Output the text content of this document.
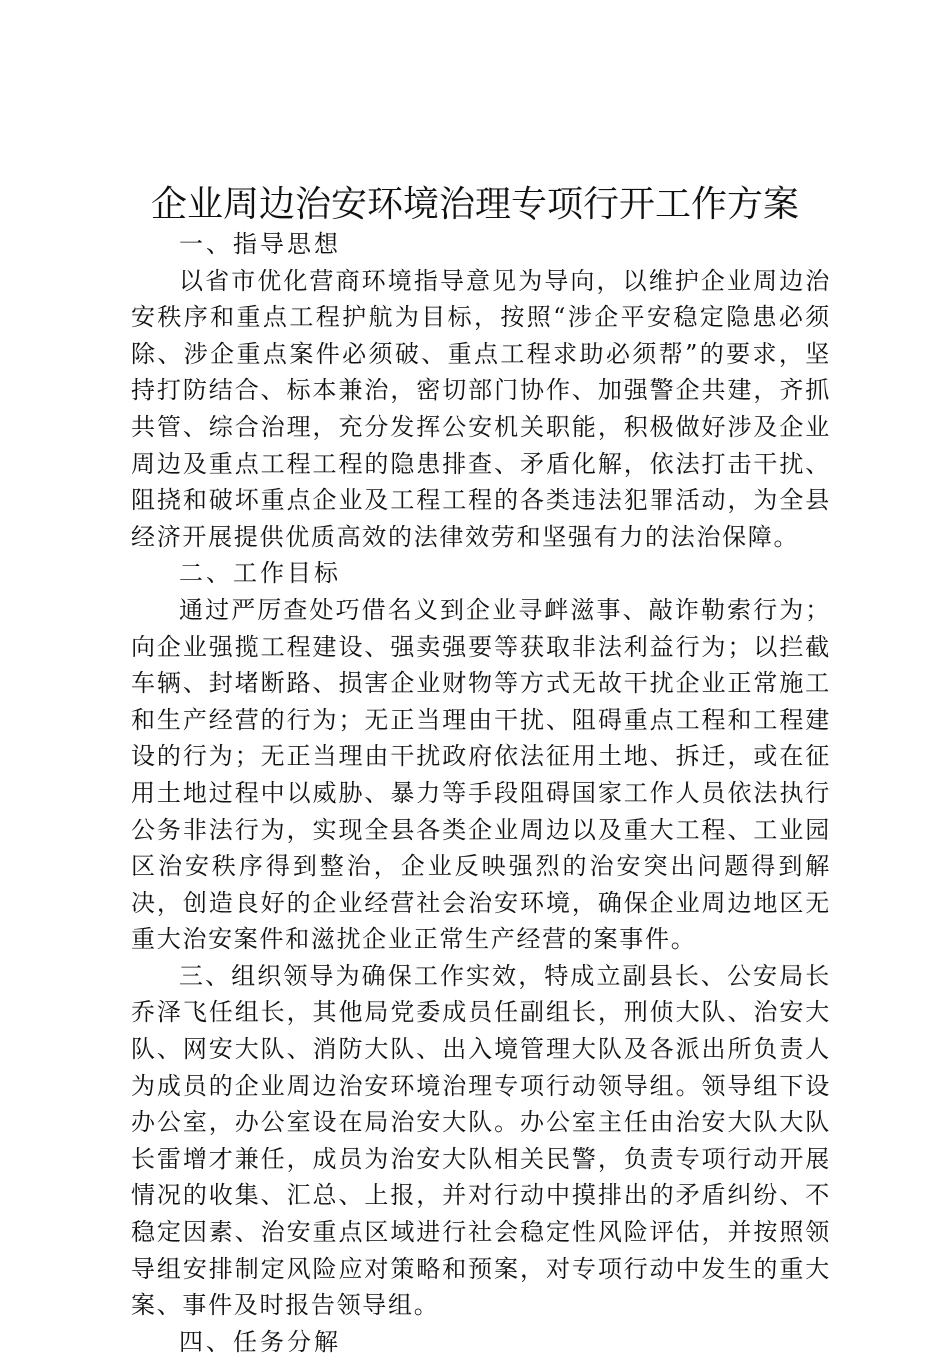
企业周边治安环境治理专项行开工作方案

一、指导思想

以省市优化营商环境指导意见为导向，以维护企业周边治安秩序和重点工程护航为目标，按照“涉企平安稳定隐患必须除、涉企重点案件必须破、重点工程求助必须帮”的要求，坚持打防结合、标本兼治，密切部门协作、加强警企共建，齐抓共管、综合治理，充分发挥公安机关职能，积极做好涉及企业周边及重点工程工程的隐患排查、矛盾化解，依法打击干扰、阻挠和破坏重点企业及工程工程的各类违法犯罪活动，为全县经济开展提供优质高效的法律效劳和坚强有力的法治保障。

二、工作目标

通过严厉查处巧借名义到企业寻衅滋事、敲诈勒索行为；向企业强揽工程建设、强卖强要等获取非法利益行为；以拦截车辆、封堵断路、损害企业财物等方式无故干扰企业正常施工和生产经营的行为；无正当理由干扰、阻碍重点工程和工程建设的行为；无正当理由干扰政府依法征用土地、拆迁，或在征用土地过程中以威胁、暴力等手段阻碍国家工作人员依法执行公务非法行为，实现全县各类企业周边以及重大工程、工业园区治安秩序得到整治，企业反映强烈的治安突出问题得到解决，创造良好的企业经营社会治安环境，确保企业周边地区无重大治安案件和滋扰企业正常生产经营的案事件。

三、组织领导为确保工作实效，特成立副县长、公安局长乔泽飞任组长，其他局党委成员任副组长，刑侦大队、治安大队、网安大队、消防大队、出入境管理大队及各派出所负责人为成员的企业周边治安环境治理专项行动领导组。领导组下设办公室，办公室设在局治安大队。办公室主任由治安大队大队长雷增才兼任，成员为治安大队相关民警，负责专项行动开展情况的收集、汇总、上报，并对行动中摸排出的矛盾纠纷、不稳定因素、治安重点区域进行社会稳定性风险评估，并按照领导组安排制定风险应对策略和预案，对专项行动中发生的重大案、事件及时报告领导组。

四、任务分解
